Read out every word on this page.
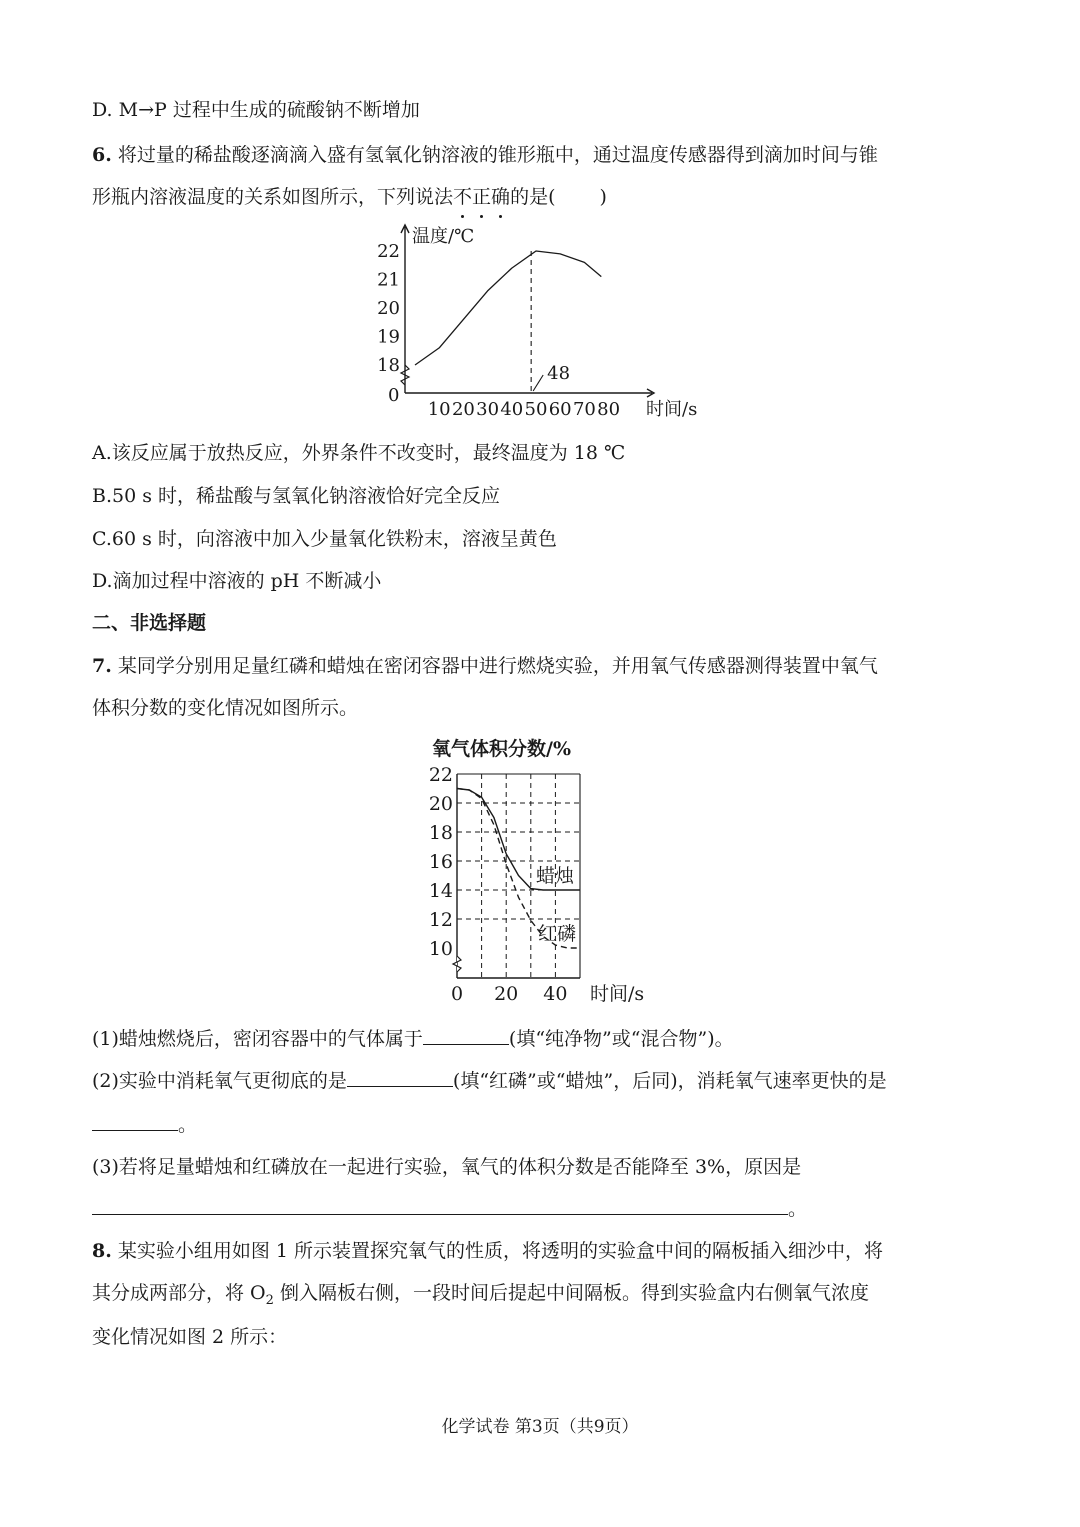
D. M→P 过程中生成的硫酸钠不断增加
6. 将过量的稀盐酸逐滴滴入盛有氢氧化钠溶液的锥形瓶中，通过温度传感器得到滴加时间与锥
形瓶内溶液温度的关系如图所示，下列说法不
正
确
的是( )
温度/℃
时间/s
0
18
19
20
21
22
10 20 30 40 50 60 70 80
48
A.该反应属于放热反应，外界条件不改变时，最终温度为 18 ℃
B.50 s 时，稀盐酸与氢氧化钠溶液恰好完全反应
C.60 s 时，向溶液中加入少量氧化铁粉末，溶液呈黄色
D.滴加过程中溶液的 pH 不断减小
二、非选择题
7. 某同学分别用足量红磷和蜡烛在密闭容器中进行燃烧实验，并用氧气传感器测得装置中氧气
体积分数的变化情况如图所示。
氧气体积分数/%
10
12
14
16
18
20
22
0 20 40 时间/s
蜡烛
红磷
(1)蜡烛燃烧后，密闭容器中的气体属于	(填“纯净物”或“混合物”)。
(2)实验中消耗氧气更彻底的是	(填“红磷”或“蜡烛”，后同)，消耗氧气速率更快的是
。
(3)若将足量蜡烛和红磷放在一起进行实验，氧气的体积分数是否能降至 3%，原因是
。
8. 某实验小组用如图 1 所示装置探究氧气的性质，将透明的实验盒中间的隔板插入细沙中，将
其分成两部分，将 $O_2$ 倒入隔板右侧，一段时间后提起中间隔板。得到实验盒内右侧氧气浓度
变化情况如图 2 所示：
化学试卷 第3页（共9页）
